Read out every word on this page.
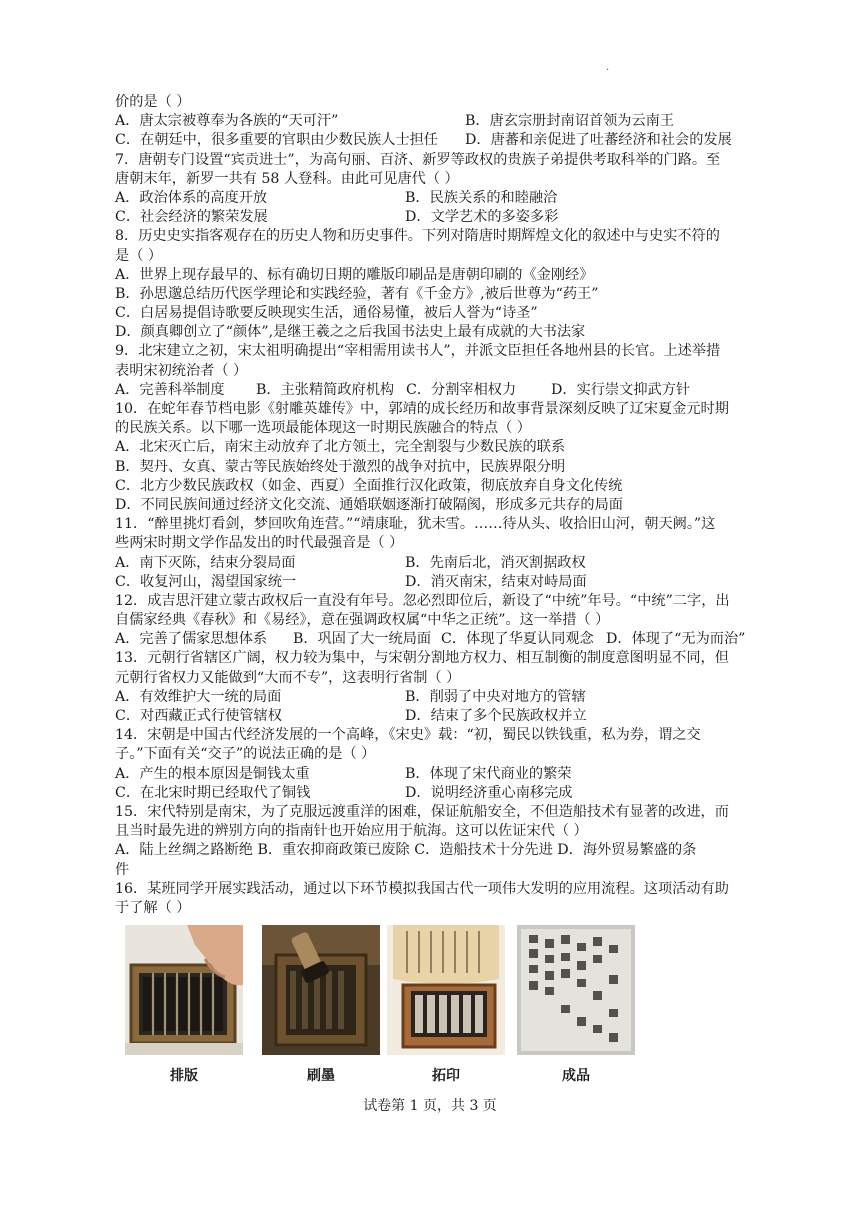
.
价的是（ ）
A．唐太宗被尊奉为各族的“天可汗”	B．唐玄宗册封南诏首领为云南王
C．在朝廷中，很多重要的官职由少数民族人士担任	D．唐蕃和亲促进了吐蕃经济和社会的发展
7．唐朝专门设置“宾贡进士”，为高句丽、百济、新罗等政权的贵族子弟提供考取科举的门路。至
唐朝末年，新罗一共有 58 人登科。由此可见唐代（ ）
A．政治体系的高度开放	B．民族关系的和睦融洽
C．社会经济的繁荣发展	D．文学艺术的多姿多彩
8．历史史实指客观存在的历史人物和历史事件。下列对隋唐时期辉煌文化的叙述中与史实不符的
是（ ）
A．世界上现存最早的、标有确切日期的雕版印刷品是唐朝印刷的《金刚经》
B．孙思邈总结历代医学理论和实践经验，著有《千金方》,被后世尊为“药王”
C．白居易提倡诗歌要反映现实生活，通俗易懂，被后人誉为“诗圣”
D．颜真卿创立了“颜体”,是继王羲之之后我国书法史上最有成就的大书法家
9．北宋建立之初，宋太祖明确提出“宰相需用读书人”，并派文臣担任各地州县的长官。上述举措
表明宋初统治者（ ）
A．完善科举制度	B．主张精简政府机构 C．分割宰相权力	D．实行崇文抑武方针
10．在蛇年春节档电影《射雕英雄传》中，郭靖的成长经历和故事背景深刻反映了辽宋夏金元时期
的民族关系。以下哪一选项最能体现这一时期民族融合的特点（ ）
A．北宋灭亡后，南宋主动放弃了北方领土，完全割裂与少数民族的联系
B．契丹、女真、蒙古等民族始终处于激烈的战争对抗中，民族界限分明
C．北方少数民族政权（如金、西夏）全面推行汉化政策，彻底放弃自身文化传统
D．不同民族间通过经济文化交流、通婚联姻逐渐打破隔阂，形成多元共存的局面
11．“醉里挑灯看剑，梦回吹角连营。”“靖康耻，犹未雪。……待从头、收拾旧山河，朝天阙。”这
些两宋时期文学作品发出的时代最强音是（ ）
A．南下灭陈，结束分裂局面	B．先南后北，消灭割据政权
C．收复河山，渴望国家统一	D．消灭南宋，结束对峙局面
12．成吉思汗建立蒙古政权后一直没有年号。忽必烈即位后，新设了“中统”年号。“中统”二字，出
自儒家经典《春秋》和《易经》，意在强调政权属“中华之正统”。这一举措（ ）
A．完善了儒家思想体系	B．巩固了大一统局面 C．体现了华夏认同观念 D．体现了“无为而治”
13．元朝行省辖区广阔，权力较为集中，与宋朝分割地方权力、相互制衡的制度意图明显不同，但
元朝行省权力又能做到“大而不专”，这表明行省制（ ）
A．有效维护大一统的局面	B．削弱了中央对地方的管辖
C．对西藏正式行使管辖权	D．结束了多个民族政权并立
14．宋朝是中国古代经济发展的一个高峰，《宋史》载：“初，蜀民以铁钱重，私为券，谓之交
子。”下面有关“交子”的说法正确的是（ ）
A．产生的根本原因是铜钱太重	B．体现了宋代商业的繁荣
C．在北宋时期已经取代了铜钱	D．说明经济重心南移完成
15．宋代特别是南宋，为了克服远渡重洋的困难，保证航船安全，不但造船技术有显著的改进，而
且当时最先进的辨别方向的指南针也开始应用于航海。这可以佐证宋代（ ）
A．陆上丝绸之路断绝 B．重农抑商政策已废除 C．造船技术十分先进 D．海外贸易繁盛的条
件
16．某班同学开展实践活动，通过以下环节模拟我国古代一项伟大发明的应用流程。这项活动有助
于了解（ ）
排版	刷墨	拓印	成品
试卷第 1 页，共 3 页
